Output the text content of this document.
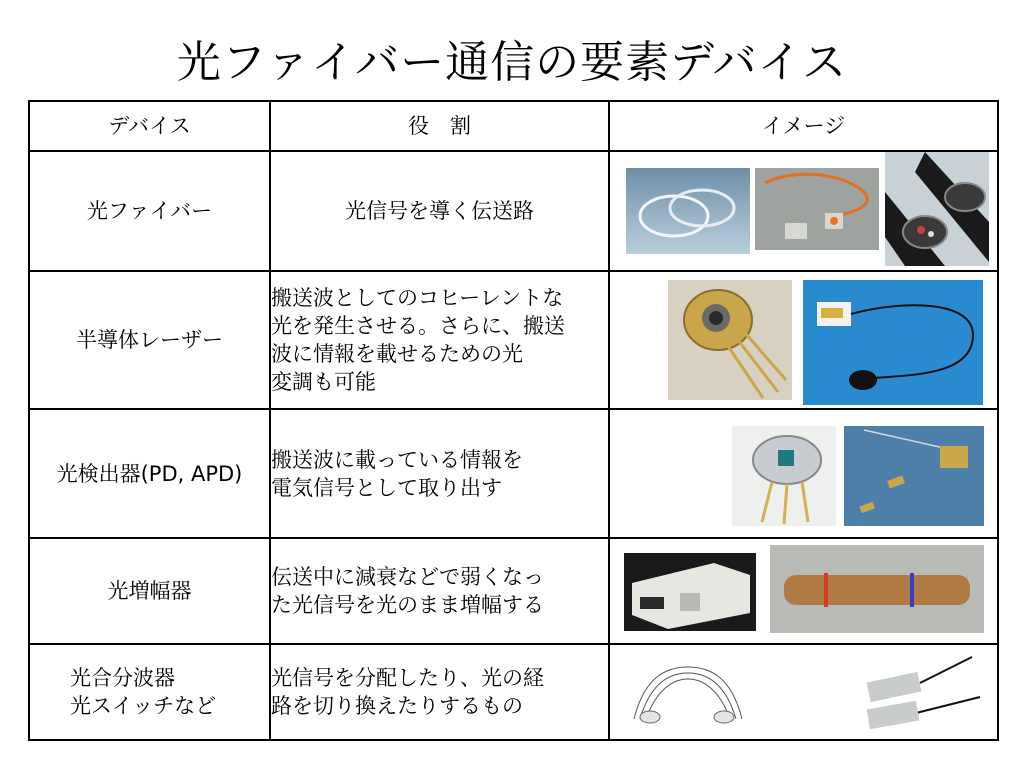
光ファイバー通信の要素デバイス
デバイス	役　割	イメージ
光ファイバー	光信号を導く伝送路

半導体レーザー	搬送波としてのコヒーレントな
光を発生させる。さらに、搬送
波に情報を載せるための光
変調も可能

光検出器(PD, APD)	搬送波に載っている情報を
電気信号として取り出す

光増幅器	伝送中に減衰などで弱くなっ
た光信号を光のまま増幅する

光合分波器
光スイッチなど	光信号を分配したり、光の経
路を切り換えたりするもの
